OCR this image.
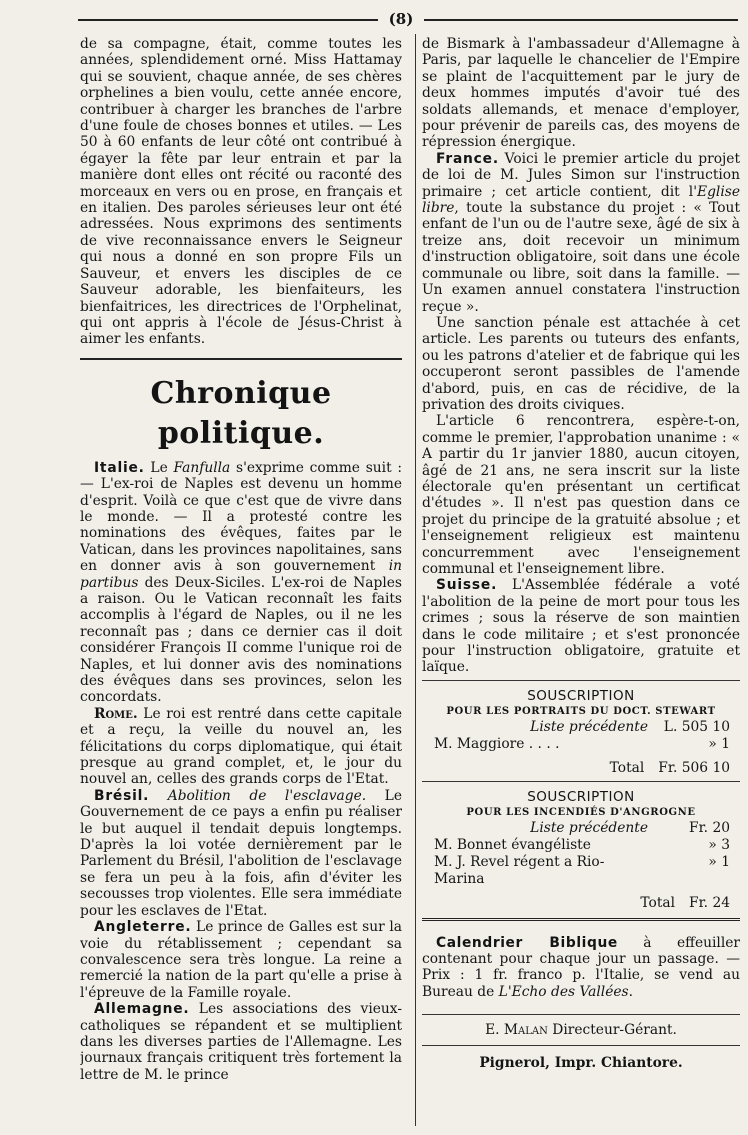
(8)

de sa compagne, était, comme toutes les années, splendidement orné. Miss Hattamay qui se souvient, chaque année, de ses chères orphelines a bien voulu, cette année encore, contribuer à charger les branches de l'arbre d'une foule de choses bonnes et utiles. — Les 50 à 60 enfants de leur côté ont contribué à égayer la fête par leur entrain et par la manière dont elles ont récité ou raconté des morceaux en vers ou en prose, en français et en italien. Des paroles sérieuses leur ont été adressées. Nous exprimons des sentiments de vive reconnaissance envers le Seigneur qui nous a donné en son propre Fils un Sauveur, et envers les disciples de ce Sauveur adorable, les bienfaiteurs, les bienfaitrices, les directrices de l'Orphelinat, qui ont appris à l'école de Jésus-Christ à aimer les enfants.

Chronique politique.

Italie. Le Fanfulla s'exprime comme suit : — L'ex-roi de Naples est devenu un homme d'esprit. Voilà ce que c'est que de vivre dans le monde. — Il a protesté contre les nominations des évêques, faites par le Vatican, dans les provinces napolitaines, sans en donner avis à son gouvernement in partibus des Deux-Siciles. L'ex-roi de Naples a raison. Ou le Vatican reconnaît les faits accomplis à l'égard de Naples, ou il ne les reconnaît pas ; dans ce dernier cas il doit considérer François II comme l'unique roi de Naples, et lui donner avis des nominations des évêques dans ses provinces, selon les concordats.

Rome. Le roi est rentré dans cette capitale et a reçu, la veille du nouvel an, les félicitations du corps diplomatique, qui était presque au grand complet, et, le jour du nouvel an, celles des grands corps de l'Etat.

Brésil. Abolition de l'esclavage. Le Gouvernement de ce pays a enfin pu réaliser le but auquel il tendait depuis longtemps. D'après la loi votée dernièrement par le Parlement du Brésil, l'abolition de l'esclavage se fera un peu à la fois, afin d'éviter les secousses trop violentes. Elle sera immédiate pour les esclaves de l'Etat.

Angleterre. Le prince de Galles est sur la voie du rétablissement ; cependant sa convalescence sera très longue. La reine a remercié la nation de la part qu'elle a prise à l'épreuve de la Famille royale.

Allemagne. Les associations des vieux-catholiques se répandent et se multiplient dans les diverses parties de l'Allemagne. Les journaux français critiquent très fortement la lettre de M. le prince

de Bismark à l'ambassadeur d'Allemagne à Paris, par laquelle le chancelier de l'Empire se plaint de l'acquittement par le jury de deux hommes imputés d'avoir tué des soldats allemands, et menace d'employer, pour prévenir de pareils cas, des moyens de répression énergique.

France. Voici le premier article du projet de loi de M. Jules Simon sur l'instruction primaire ; cet article contient, dit l'Eglise libre, toute la substance du projet : « Tout enfant de l'un ou de l'autre sexe, âgé de six à treize ans, doit recevoir un minimum d'instruction obligatoire, soit dans une école communale ou libre, soit dans la famille. — Un examen annuel constatera l'instruction reçue ».

Une sanction pénale est attachée à cet article. Les parents ou tuteurs des enfants, ou les patrons d'atelier et de fabrique qui les occuperont seront passibles de l'amende d'abord, puis, en cas de récidive, de la privation des droits civiques.

L'article 6 rencontrera, espère-t-on, comme le premier, l'approbation unanime : « A partir du 1r janvier 1880, aucun citoyen, âgé de 21 ans, ne sera inscrit sur la liste électorale qu'en présentant un certificat d'études ». Il n'est pas question dans ce projet du principe de la gratuité absolue ; et l'enseignement religieux est maintenu concurremment avec l'enseignement communal et l'enseignement libre.

Suisse. L'Assemblée fédérale a voté l'abolition de la peine de mort pour tous les crimes ; sous la réserve de son maintien dans le code militaire ; et s'est prononcée pour l'instruction obligatoire, gratuite et laïque.

SOUSCRIPTION
POUR LES PORTRAITS DU DOCT. STEWART
Liste précédente	L. 505 10
M. Maggiore . . . .	» 1
Total Fr. 506 10
SOUSCRIPTION
POUR LES INCENDIÉS D'ANGROGNE
Liste précédente	Fr. 20
M. Bonnet évangéliste	» 3
M. J. Revel régent a Rio-Marina
» 1
Total Fr. 24

Calendrier Biblique à effeuiller contenant pour chaque jour un passage. — Prix : 1 fr. franco p. l'Italie, se vend au Bureau de L'Echo des Vallées.

E. Malan Directeur-Gérant.
Pignerol, Impr. Chiantore.
